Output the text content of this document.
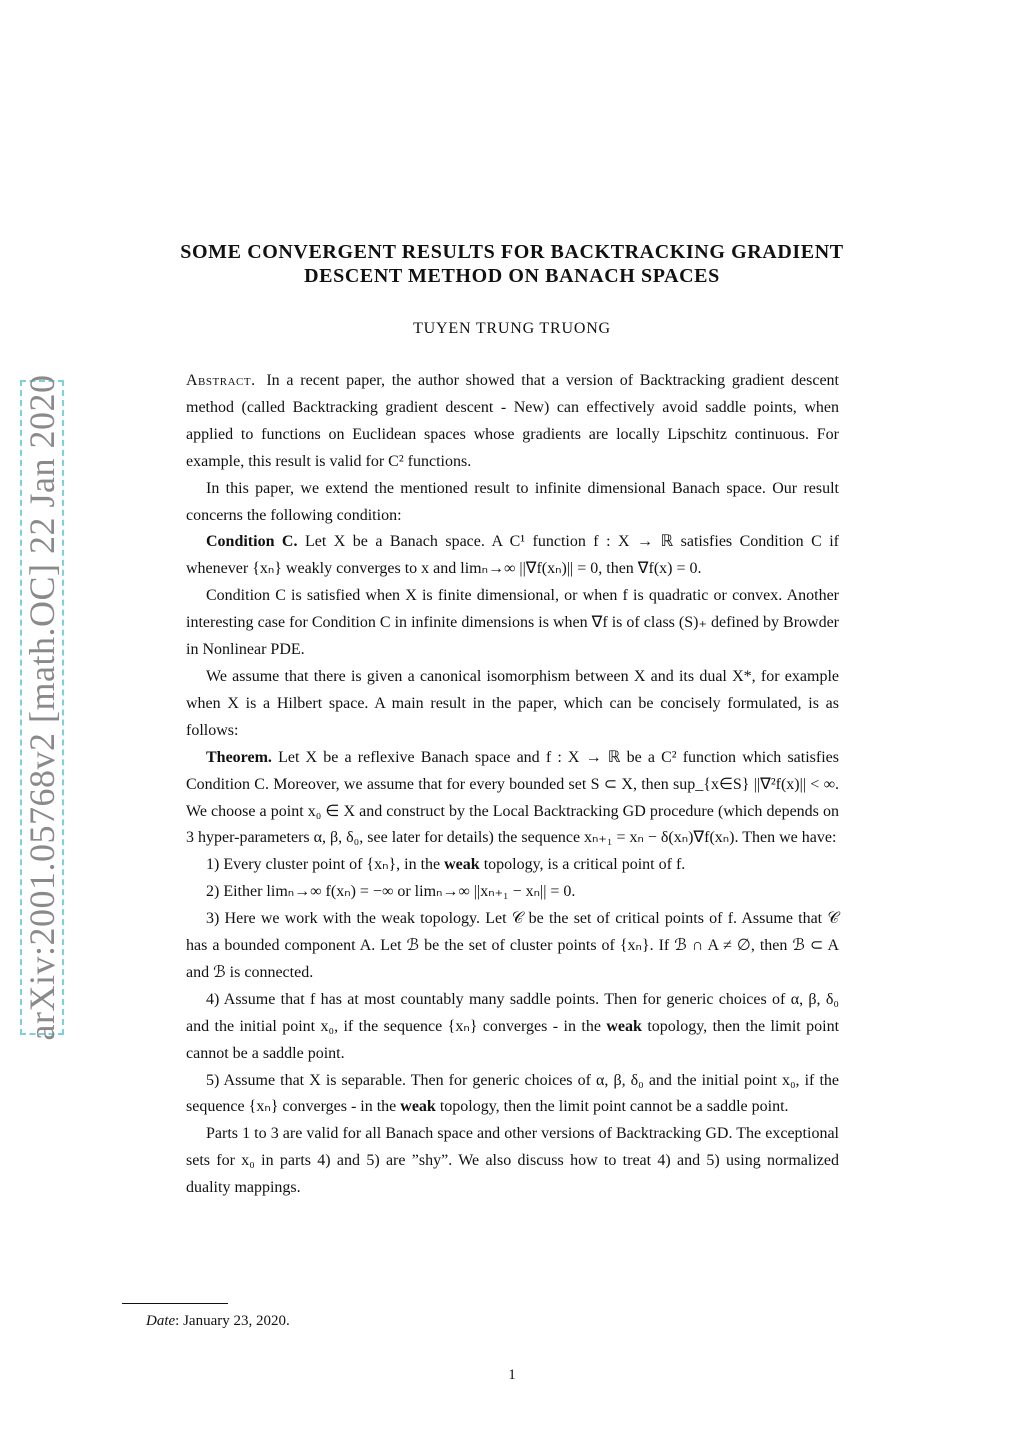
arXiv:2001.05768v2 [math.OC] 22 Jan 2020
SOME CONVERGENT RESULTS FOR BACKTRACKING GRADIENT
DESCENT METHOD ON BANACH SPACES
TUYEN TRUNG TRUONG

Abstract. In a recent paper, the author showed that a version of Backtracking gradient descent method (called Backtracking gradient descent - New) can effectively avoid saddle points, when applied to functions on Euclidean spaces whose gradients are locally Lipschitz continuous. For example, this result is valid for C² functions.

In this paper, we extend the mentioned result to infinite dimensional Banach space. Our result concerns the following condition:

Condition C. Let X be a Banach space. A C¹ function f : X → ℝ satisfies Condition C if whenever {xₙ} weakly converges to x and limₙ→∞ ||∇f(xₙ)|| = 0, then ∇f(x) = 0.

Condition C is satisfied when X is finite dimensional, or when f is quadratic or convex. Another interesting case for Condition C in infinite dimensions is when ∇f is of class (S)₊ defined by Browder in Nonlinear PDE.

We assume that there is given a canonical isomorphism between X and its dual X*, for example when X is a Hilbert space. A main result in the paper, which can be concisely formulated, is as follows:

Theorem. Let X be a reflexive Banach space and f : X → ℝ be a C² function which satisfies Condition C. Moreover, we assume that for every bounded set S ⊂ X, then sup_{x∈S} ||∇²f(x)|| < ∞. We choose a point x₀ ∈ X and construct by the Local Backtracking GD procedure (which depends on 3 hyper-parameters α, β, δ₀, see later for details) the sequence xₙ₊₁ = xₙ − δ(xₙ)∇f(xₙ). Then we have:

1) Every cluster point of {xₙ}, in the weak topology, is a critical point of f.

2) Either limₙ→∞ f(xₙ) = −∞ or limₙ→∞ ||xₙ₊₁ − xₙ|| = 0.

3) Here we work with the weak topology. Let 𝒞 be the set of critical points of f. Assume that 𝒞 has a bounded component A. Let ℬ be the set of cluster points of {xₙ}. If ℬ ∩ A ≠ ∅, then ℬ ⊂ A and ℬ is connected.

4) Assume that f has at most countably many saddle points. Then for generic choices of α, β, δ₀ and the initial point x₀, if the sequence {xₙ} converges - in the weak topology, then the limit point cannot be a saddle point.

5) Assume that X is separable. Then for generic choices of α, β, δ₀ and the initial point x₀, if the sequence {xₙ} converges - in the weak topology, then the limit point cannot be a saddle point.

Parts 1 to 3 are valid for all Banach space and other versions of Backtracking GD. The exceptional sets for x₀ in parts 4) and 5) are ”shy”. We also discuss how to treat 4) and 5) using normalized duality mappings.

Date: January 23, 2020.
1
